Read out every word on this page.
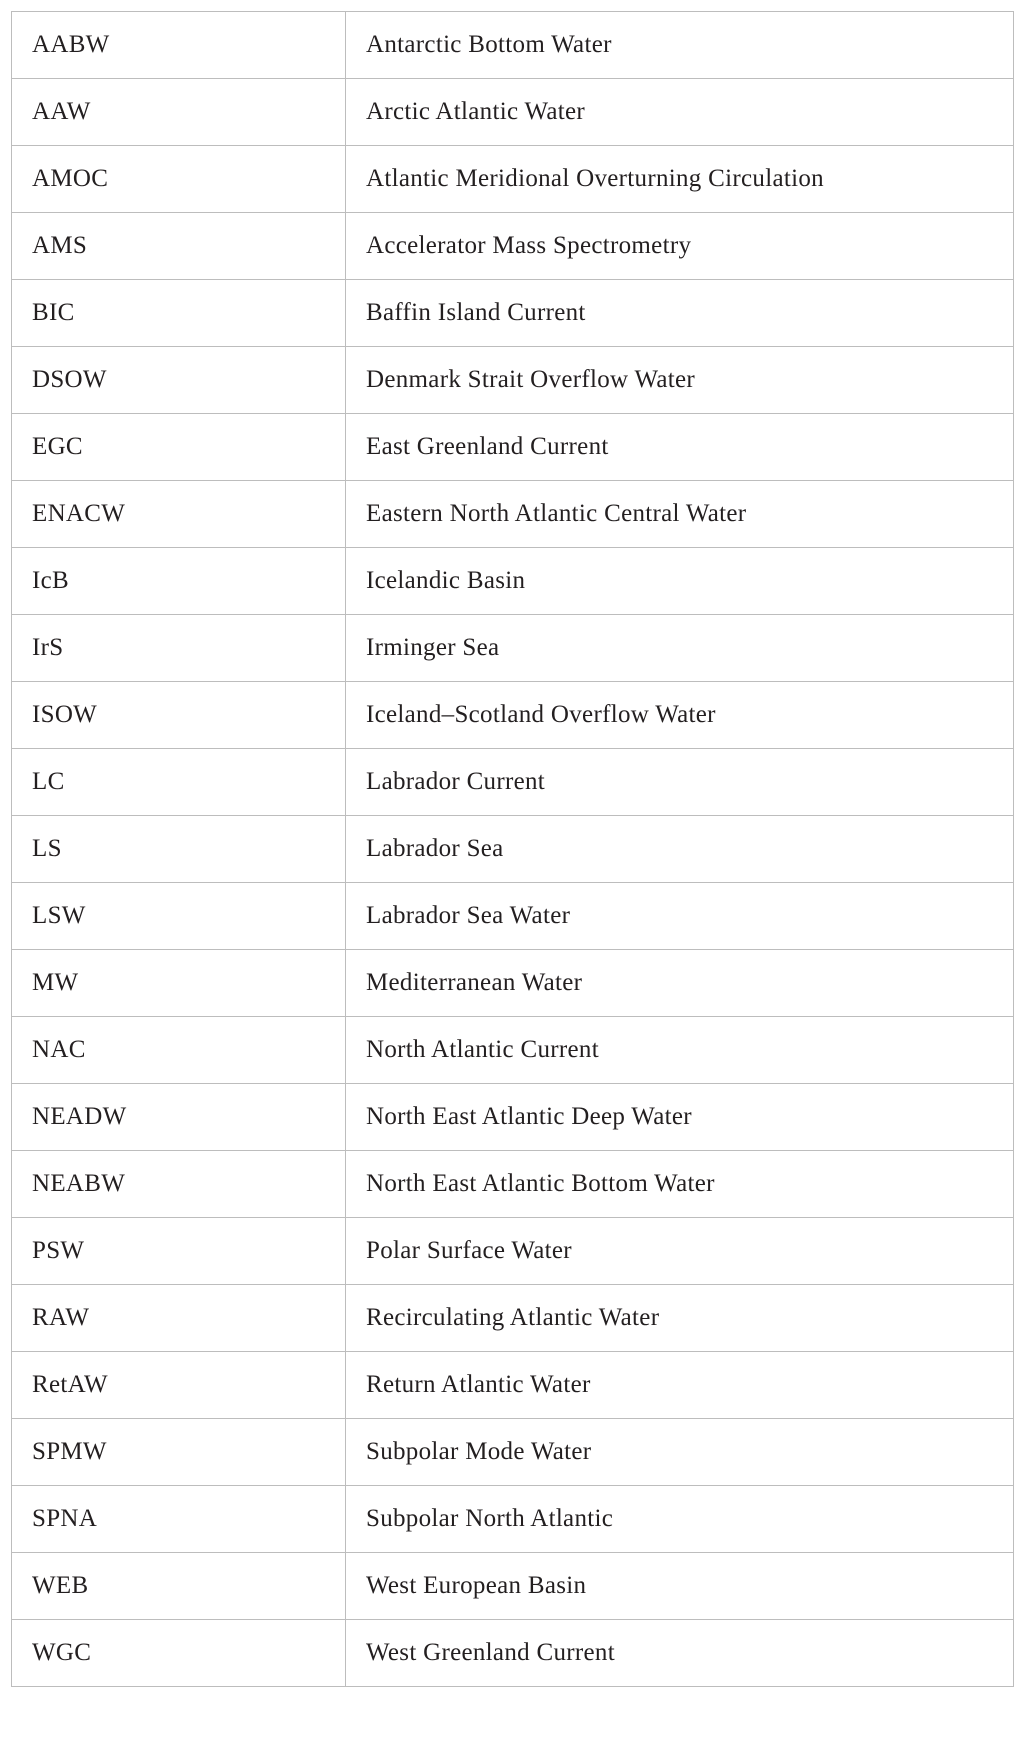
AABW	Antarctic Bottom Water
AAW	Arctic Atlantic Water
AMOC	Atlantic Meridional Overturning Circulation
AMS	Accelerator Mass Spectrometry
BIC	Baffin Island Current
DSOW	Denmark Strait Overflow Water
EGC	East Greenland Current
ENACW	Eastern North Atlantic Central Water
IcB	Icelandic Basin
IrS	Irminger Sea
ISOW	Iceland–Scotland Overflow Water
LC	Labrador Current
LS	Labrador Sea
LSW	Labrador Sea Water
MW	Mediterranean Water
NAC	North Atlantic Current
NEADW	North East Atlantic Deep Water
NEABW	North East Atlantic Bottom Water
PSW	Polar Surface Water
RAW	Recirculating Atlantic Water
RetAW	Return Atlantic Water
SPMW	Subpolar Mode Water
SPNA	Subpolar North Atlantic
WEB	West European Basin
WGC	West Greenland Current
